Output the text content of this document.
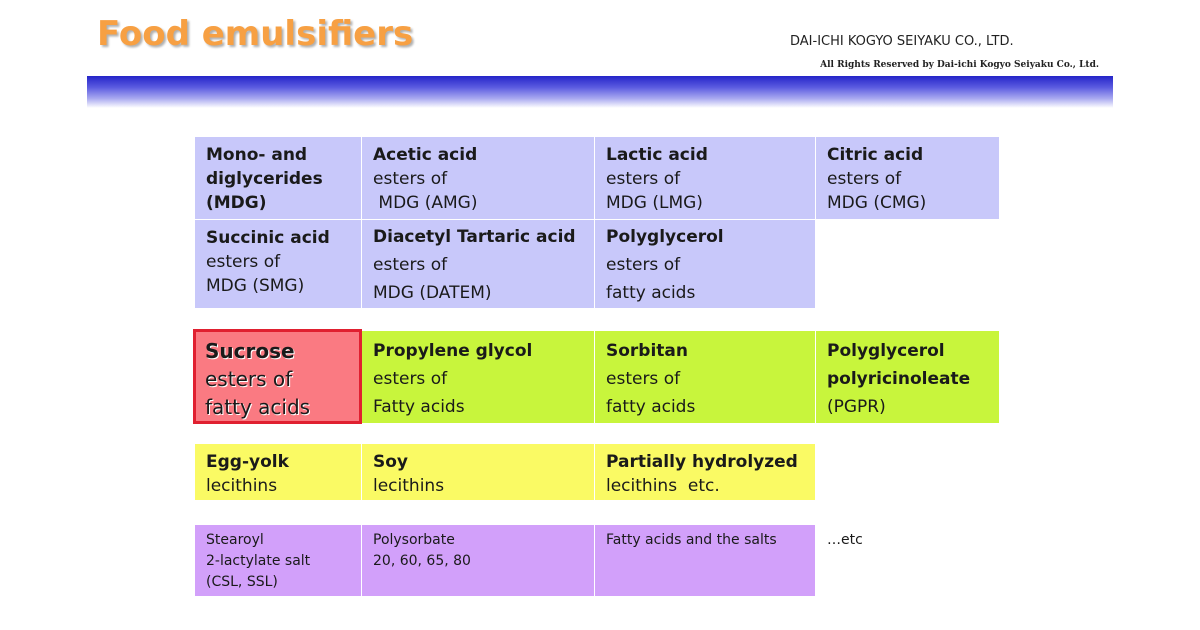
Food emulsifiers	DAI-ICHI KOGYO SEIYAKU CO., LTD.
All Rights Reserved by Dai-ichi Kogyo Seiyaku Co., Ltd.
Mono- and
diglycerides
(MDG)
Acetic acid
esters of
MDG (AMG)
Lactic acid
esters of
MDG (LMG)
Citric acid
esters of
MDG (CMG)
Succinic acid
esters of
MDG (SMG)
Diacetyl Tartaric acid
esters of
MDG (DATEM)
Polyglycerol
esters of
fatty acids
Sucrose
esters of
fatty acids
Propylene glycol
esters of
Fatty acids
Sorbitan
esters of
fatty acids
Polyglycerol
polyricinoleate
(PGPR)
Egg-yolk
lecithins
Soy
lecithins
Partially hydrolyzed
lecithins  etc.
Stearoyl
2-lactylate salt
(CSL, SSL)
Polysorbate
20, 60, 65, 80
Fatty acids and the salts	…etc
